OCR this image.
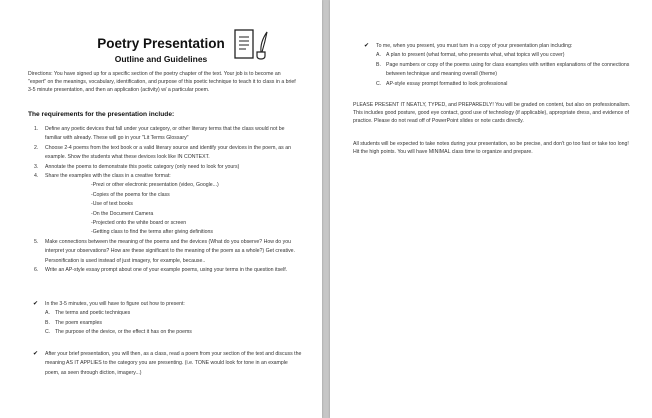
Poetry Presentation
Outline and Guidelines
Directions: You have signed up for a specific section of the poetry chapter of the text. Your job is to become an "expert" on the meanings, vocabulary, identification, and purpose of this poetic technique to teach it to class in a brief 3-5 minute presentation, and then an application (activity) w/ a particular poem.
The requirements for the presentation include:
1. Define any poetic devices that fall under your category, or other literary terms that the class would not be familiar with already. These will go in your "Lit Terms Glossary"
2. Choose 2-4 poems from the text book or a valid literary source and identify your devices in the poem, as an example. Show the students what these devices look like IN CONTEXT.
3. Annotate the poems to demonstrate this poetic category (only need to look for yours)
4. Share the examples with the class in a creative format:
-Prezi or other electronic presentation (video, Google...)
-Copies of the poems for the class
-Use of text books
-On the Document Camera
-Projected onto the white board or screen
-Getting class to find the terms after giving definitions
5. Make connections between the meaning of the poems and the devices (What do you observe? How do you interpret your observations? How are these significant to the meaning of the poem as a whole?) Get creative. Personification is used instead of just imagery, for example, because..
6. Write an AP-style essay prompt about one of your example poems, using your terms in the question itself.
✔	In the 3-5 minutes, you will have to figure out how to present:
A. The terms and poetic techniques
B. The poem examples
C. The purpose of the device, or the effect it has on the poems
✔	After your brief presentation, you will then, as a class, read a poem from your section of the text and discuss the meaning AS IT APPLIES to the category you are presenting. (i.e. TONE would look for tone in an example poem, as seen through diction, imagery...)
✔	To me, when you present, you must turn in a copy of your presentation plan including:
A. A plan to present (what format, who presents what, what topics will you cover)
B. Page numbers or copy of the poems using for class examples with written explanations of the connections between technique and meaning overall (theme)
C. AP-style essay prompt formatted to look professional
PLEASE PRESENT IT NEATLY, TYPED, and PREPAREDLY! You will be graded on content, but also on professionalism. This includes good posture, good eye contact, good use of technology (if applicable), appropriate dress, and evidence of practice. Please do not read off of PowerPoint slides or note cards directly.
All students will be expected to take notes during your presentation, so be precise, and don't go too fast or take too long! Hit the high points. You will have MINIMAL class time to organize and prepare.
